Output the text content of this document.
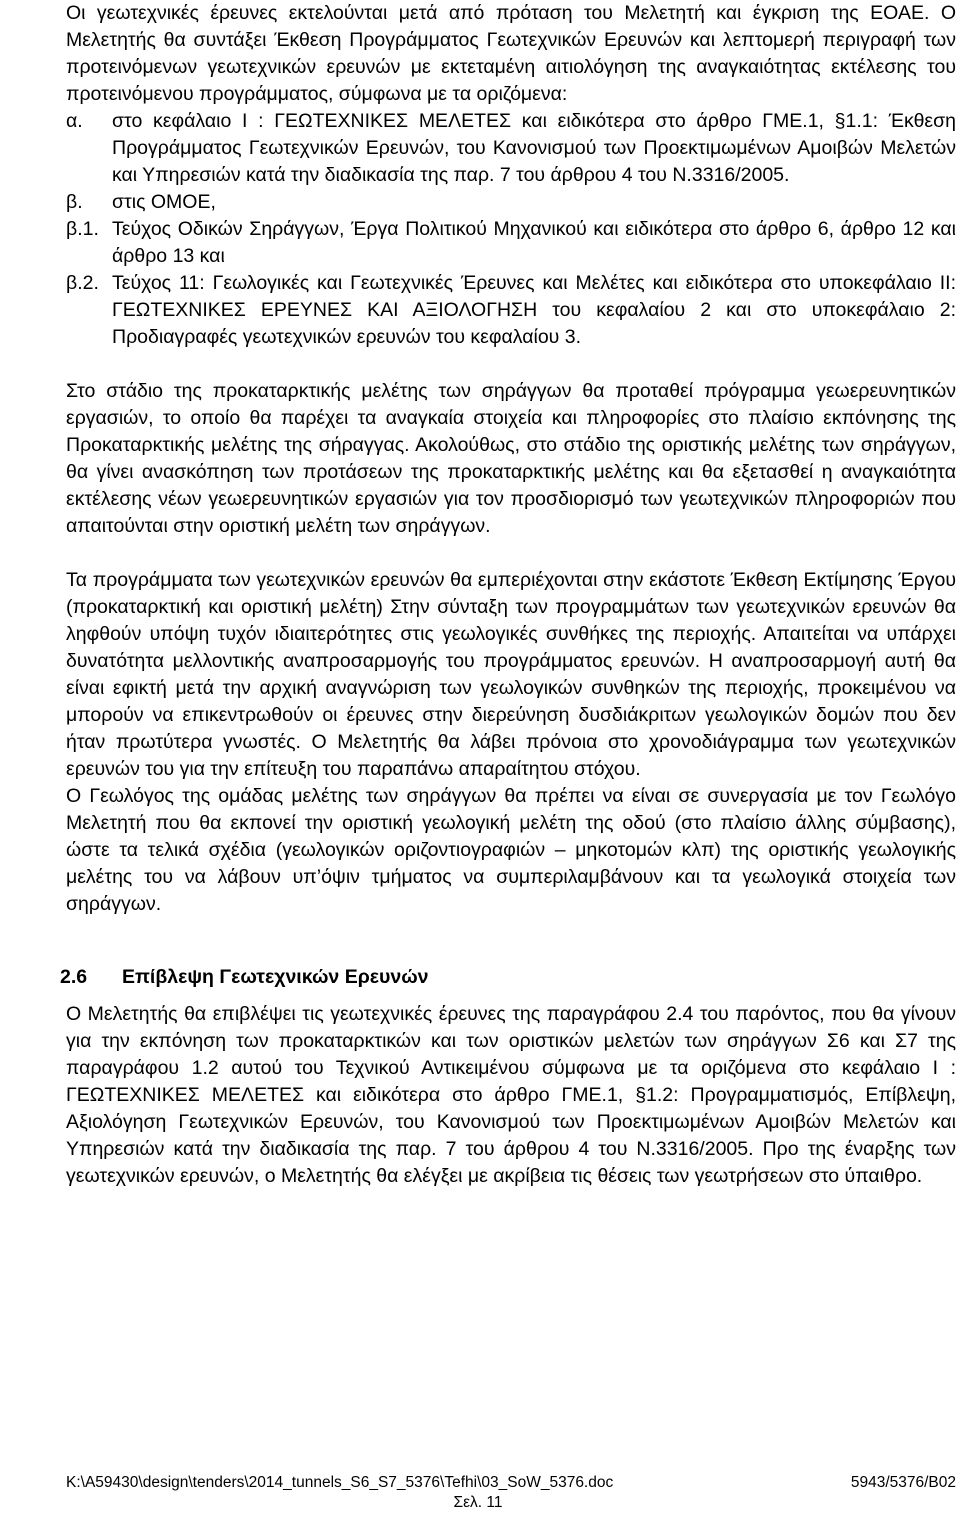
Οι γεωτεχνικές έρευνες εκτελούνται μετά από πρόταση του Μελετητή και έγκριση της ΕΟΑΕ. Ο Μελετητής θα συντάξει Έκθεση Προγράμματος Γεωτεχνικών Ερευνών και λεπτομερή περιγραφή των προτεινόμενων γεωτεχνικών ερευνών με εκτεταμένη αιτιολόγηση της αναγκαιότητας εκτέλεσης του προτεινόμενου προγράμματος, σύμφωνα με τα οριζόμενα:

α.	στο κεφάλαιο Ι : ΓΕΩΤΕΧΝΙΚΕΣ ΜΕΛΕΤΕΣ και ειδικότερα στο άρθρο ΓΜΕ.1, §1.1: Έκθεση Προγράμματος Γεωτεχνικών Ερευνών, του Κανονισμού των Προεκτιμωμένων Αμοιβών Μελετών και Υπηρεσιών κατά την διαδικασία της παρ. 7 του άρθρου 4 του Ν.3316/2005.
β.	στις ΟΜΟΕ,
β.1. Τεύχος Οδικών Σηράγγων, Έργα Πολιτικού Μηχανικού και ειδικότερα στο άρθρο 6, άρθρο 12 και άρθρο 13 και
β.2. Τεύχος 11: Γεωλογικές και Γεωτεχνικές Έρευνες και Μελέτες και ειδικότερα στο υποκεφάλαιο ΙΙ: ΓΕΩΤΕΧΝΙΚΕΣ ΕΡΕΥΝΕΣ ΚΑΙ ΑΞΙΟΛΟΓΗΣΗ του κεφαλαίου 2 και στο υποκεφάλαιο 2: Προδιαγραφές γεωτεχνικών ερευνών του κεφαλαίου 3.

Στο στάδιο της προκαταρκτικής μελέτης των σηράγγων θα προταθεί πρόγραμμα γεωερευνητικών εργασιών, το οποίο θα παρέχει τα αναγκαία στοιχεία και πληροφορίες στο πλαίσιο εκπόνησης της Προκαταρκτικής μελέτης της σήραγγας. Ακολούθως, στο στάδιο της οριστικής μελέτης των σηράγγων, θα γίνει ανασκόπηση των προτάσεων της προκαταρκτικής μελέτης και θα εξετασθεί η αναγκαιότητα εκτέλεσης νέων γεωερευνητικών εργασιών για τον προσδιορισμό των γεωτεχνικών πληροφοριών που απαιτούνται στην οριστική μελέτη των σηράγγων.

Τα προγράμματα των γεωτεχνικών ερευνών θα εμπεριέχονται στην εκάστοτε Έκθεση Εκτίμησης Έργου (προκαταρκτική και οριστική μελέτη) Στην σύνταξη των προγραμμάτων των γεωτεχνικών ερευνών θα ληφθούν υπόψη τυχόν ιδιαιτερότητες στις γεωλογικές συνθήκες της περιοχής. Απαιτείται να υπάρχει δυνατότητα μελλοντικής αναπροσαρμογής του προγράμματος ερευνών. Η αναπροσαρμογή αυτή θα είναι εφικτή μετά την αρχική αναγνώριση των γεωλογικών συνθηκών της περιοχής, προκειμένου να μπορούν να επικεντρωθούν οι έρευνες στην διερεύνηση δυσδιάκριτων γεωλογικών δομών που δεν ήταν πρωτύτερα γνωστές. Ο Μελετητής θα λάβει πρόνοια στο χρονοδιάγραμμα των γεωτεχνικών ερευνών του για την επίτευξη του παραπάνω απαραίτητου στόχου.

Ο Γεωλόγος της ομάδας μελέτης των σηράγγων θα πρέπει να είναι σε συνεργασία με τον Γεωλόγο Μελετητή που θα εκπονεί την οριστική γεωλογική μελέτη της οδού (στο πλαίσιο άλλης σύμβασης), ώστε τα τελικά σχέδια (γεωλογικών οριζοντιογραφιών – μηκοτομών κλπ) της οριστικής γεωλογικής μελέτης του να λάβουν υπ’όψιν τμήματος να συμπεριλαμβάνουν και τα γεωλογικά στοιχεία των σηράγγων.

2.6	Επίβλεψη Γεωτεχνικών Ερευνών

Ο Μελετητής θα επιβλέψει τις γεωτεχνικές έρευνες της παραγράφου 2.4 του παρόντος, που θα γίνουν για την εκπόνηση των προκαταρκτικών και των οριστικών μελετών των σηράγγων Σ6 και Σ7 της παραγράφου 1.2 αυτού του Τεχνικού Αντικειμένου σύμφωνα με τα οριζόμενα στο κεφάλαιο Ι : ΓΕΩΤΕΧΝΙΚΕΣ ΜΕΛΕΤΕΣ και ειδικότερα στο άρθρο ΓΜΕ.1, §1.2: Προγραμματισμός, Επίβλεψη, Αξιολόγηση Γεωτεχνικών Ερευνών, του Κανονισμού των Προεκτιμωμένων Αμοιβών Μελετών και Υπηρεσιών κατά την διαδικασία της παρ. 7 του άρθρου 4 του Ν.3316/2005. Προ της έναρξης των γεωτεχνικών ερευνών, ο Μελετητής θα ελέγξει με ακρίβεια τις θέσεις των γεωτρήσεων στο ύπαιθρο.

K:\A59430\design\tenders\2014_tunnels_S6_S7_5376\Tefhi\03_SoW_5376.doc	5943/5376/B02
Σελ. 11
